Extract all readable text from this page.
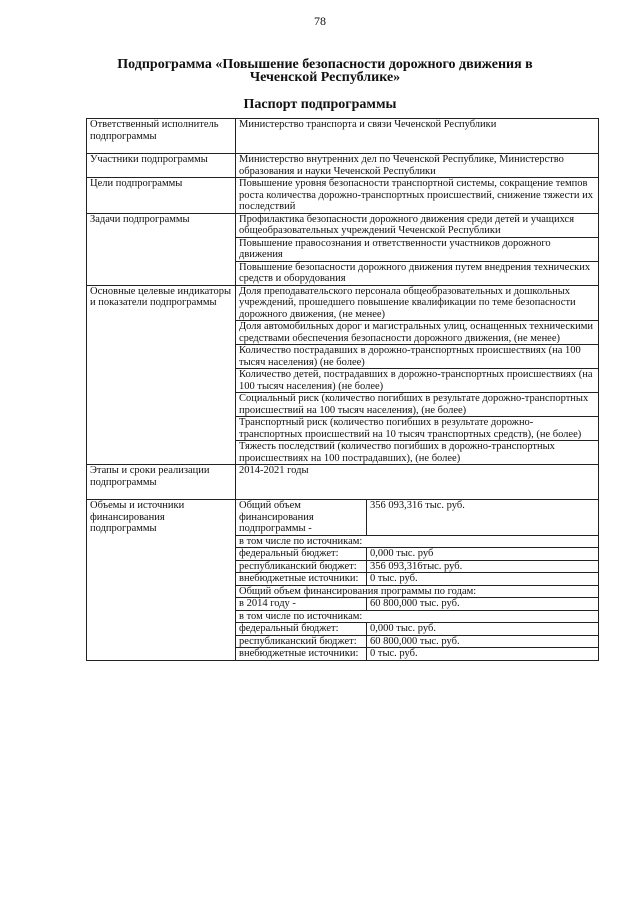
78
Подпрограмма «Повышение безопасности дорожного движения в Чеченской Республике»
Паспорт подпрограммы
Ответственный исполнитель подпрограммы	Министерство транспорта и связи Чеченской Республики
Участники подпрограммы	Министерство внутренних дел по Чеченской Республике, Министерство образования и науки Чеченской Республики
Цели подпрограммы	Повышение уровня безопасности транспортной системы, сокращение темпов роста количества дорожно-транспортных происшествий, снижение тяжести их последствий
Задачи подпрограммы	Профилактика безопасности дорожного движения среди детей и учащихся общеобразовательных учреждений Чеченской Республики
Повышение правосознания и ответственности участников дорожного движения
Повышение безопасности дорожного движения путем внедрения технических средств и оборудования
Основные целевые индикаторы и показатели подпрограммы	Доля преподавательского персонала общеобразовательных и дошкольных учреждений, прошедшего повышение квалификации по теме безопасности дорожного движения, (не менее)
Доля автомобильных дорог и магистральных улиц, оснащенных техническими средствами обеспечения безопасности дорожного движения, (не менее)
Количество пострадавших в дорожно-транспортных происшествиях (на 100 тысяч населения) (не более)
Количество детей, пострадавших в дорожно-транспортных происшествиях (на 100 тысяч населения) (не более)
Социальный риск (количество погибших в результате дорожно-транспортных происшествий на 100 тысяч населения), (не более)
Транспортный риск (количество погибших в результате дорожно-транспортных происшествий на 10 тысяч транспортных средств), (не более)
Тяжесть последствий (количество погибших в дорожно-транспортных происшествиях на 100 пострадавших), (не более)
Этапы и сроки реализации подпрограммы	2014-2021 годы
Объемы и источники финансирования подпрограммы	
Общий объем финансирования подпрограммы -	356 093,316 тыс. руб.
в том числе по источникам:
федеральный бюджет:	0,000 тыс. руб
республиканский бюджет:	356 093,316тыс. руб.
внебюджетные источники:	0 тыс. руб.
Общий объем финансирования программы по годам:
в 2014 году -	60 800,000 тыс. руб.
в том числе по источникам:
федеральный бюджет:	0,000 тыс. руб.
республиканский бюджет:	60 800,000 тыс. руб.
внебюджетные источники:	0 тыс. руб.
